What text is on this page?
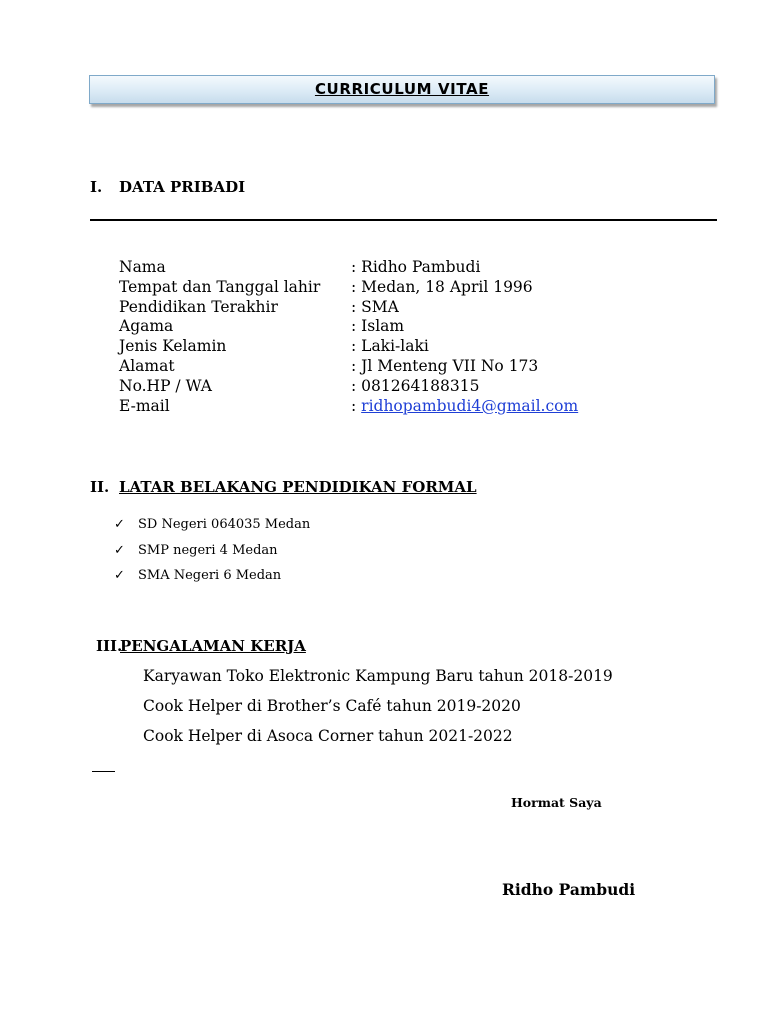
CURRICULUM VITAE
I. DATA PRIBADI
Nama	: Ridho Pambudi
Tempat dan Tanggal lahir : Medan, 18 April 1996
Pendidikan Terakhir	: SMA
Agama	: Islam
Jenis Kelamin	: Laki-laki
Alamat	: Jl Menteng VII No 173
No.HP / WA	: 081264188315
E-mail	: ridhopambudi4@gmail.com
II. LATAR BELAKANG PENDIDIKAN FORMAL
✓ SD Negeri 064035 Medan
✓ SMP negeri 4 Medan
✓ SMA Negeri 6 Medan
III.
PENGALAMAN KERJA
Karyawan Toko Elektronic Kampung Baru tahun 2018-2019
Cook Helper di Brother’s Café tahun 2019-2020
Cook Helper di Asoca Corner tahun 2021-2022
Hormat Saya
Ridho Pambudi
